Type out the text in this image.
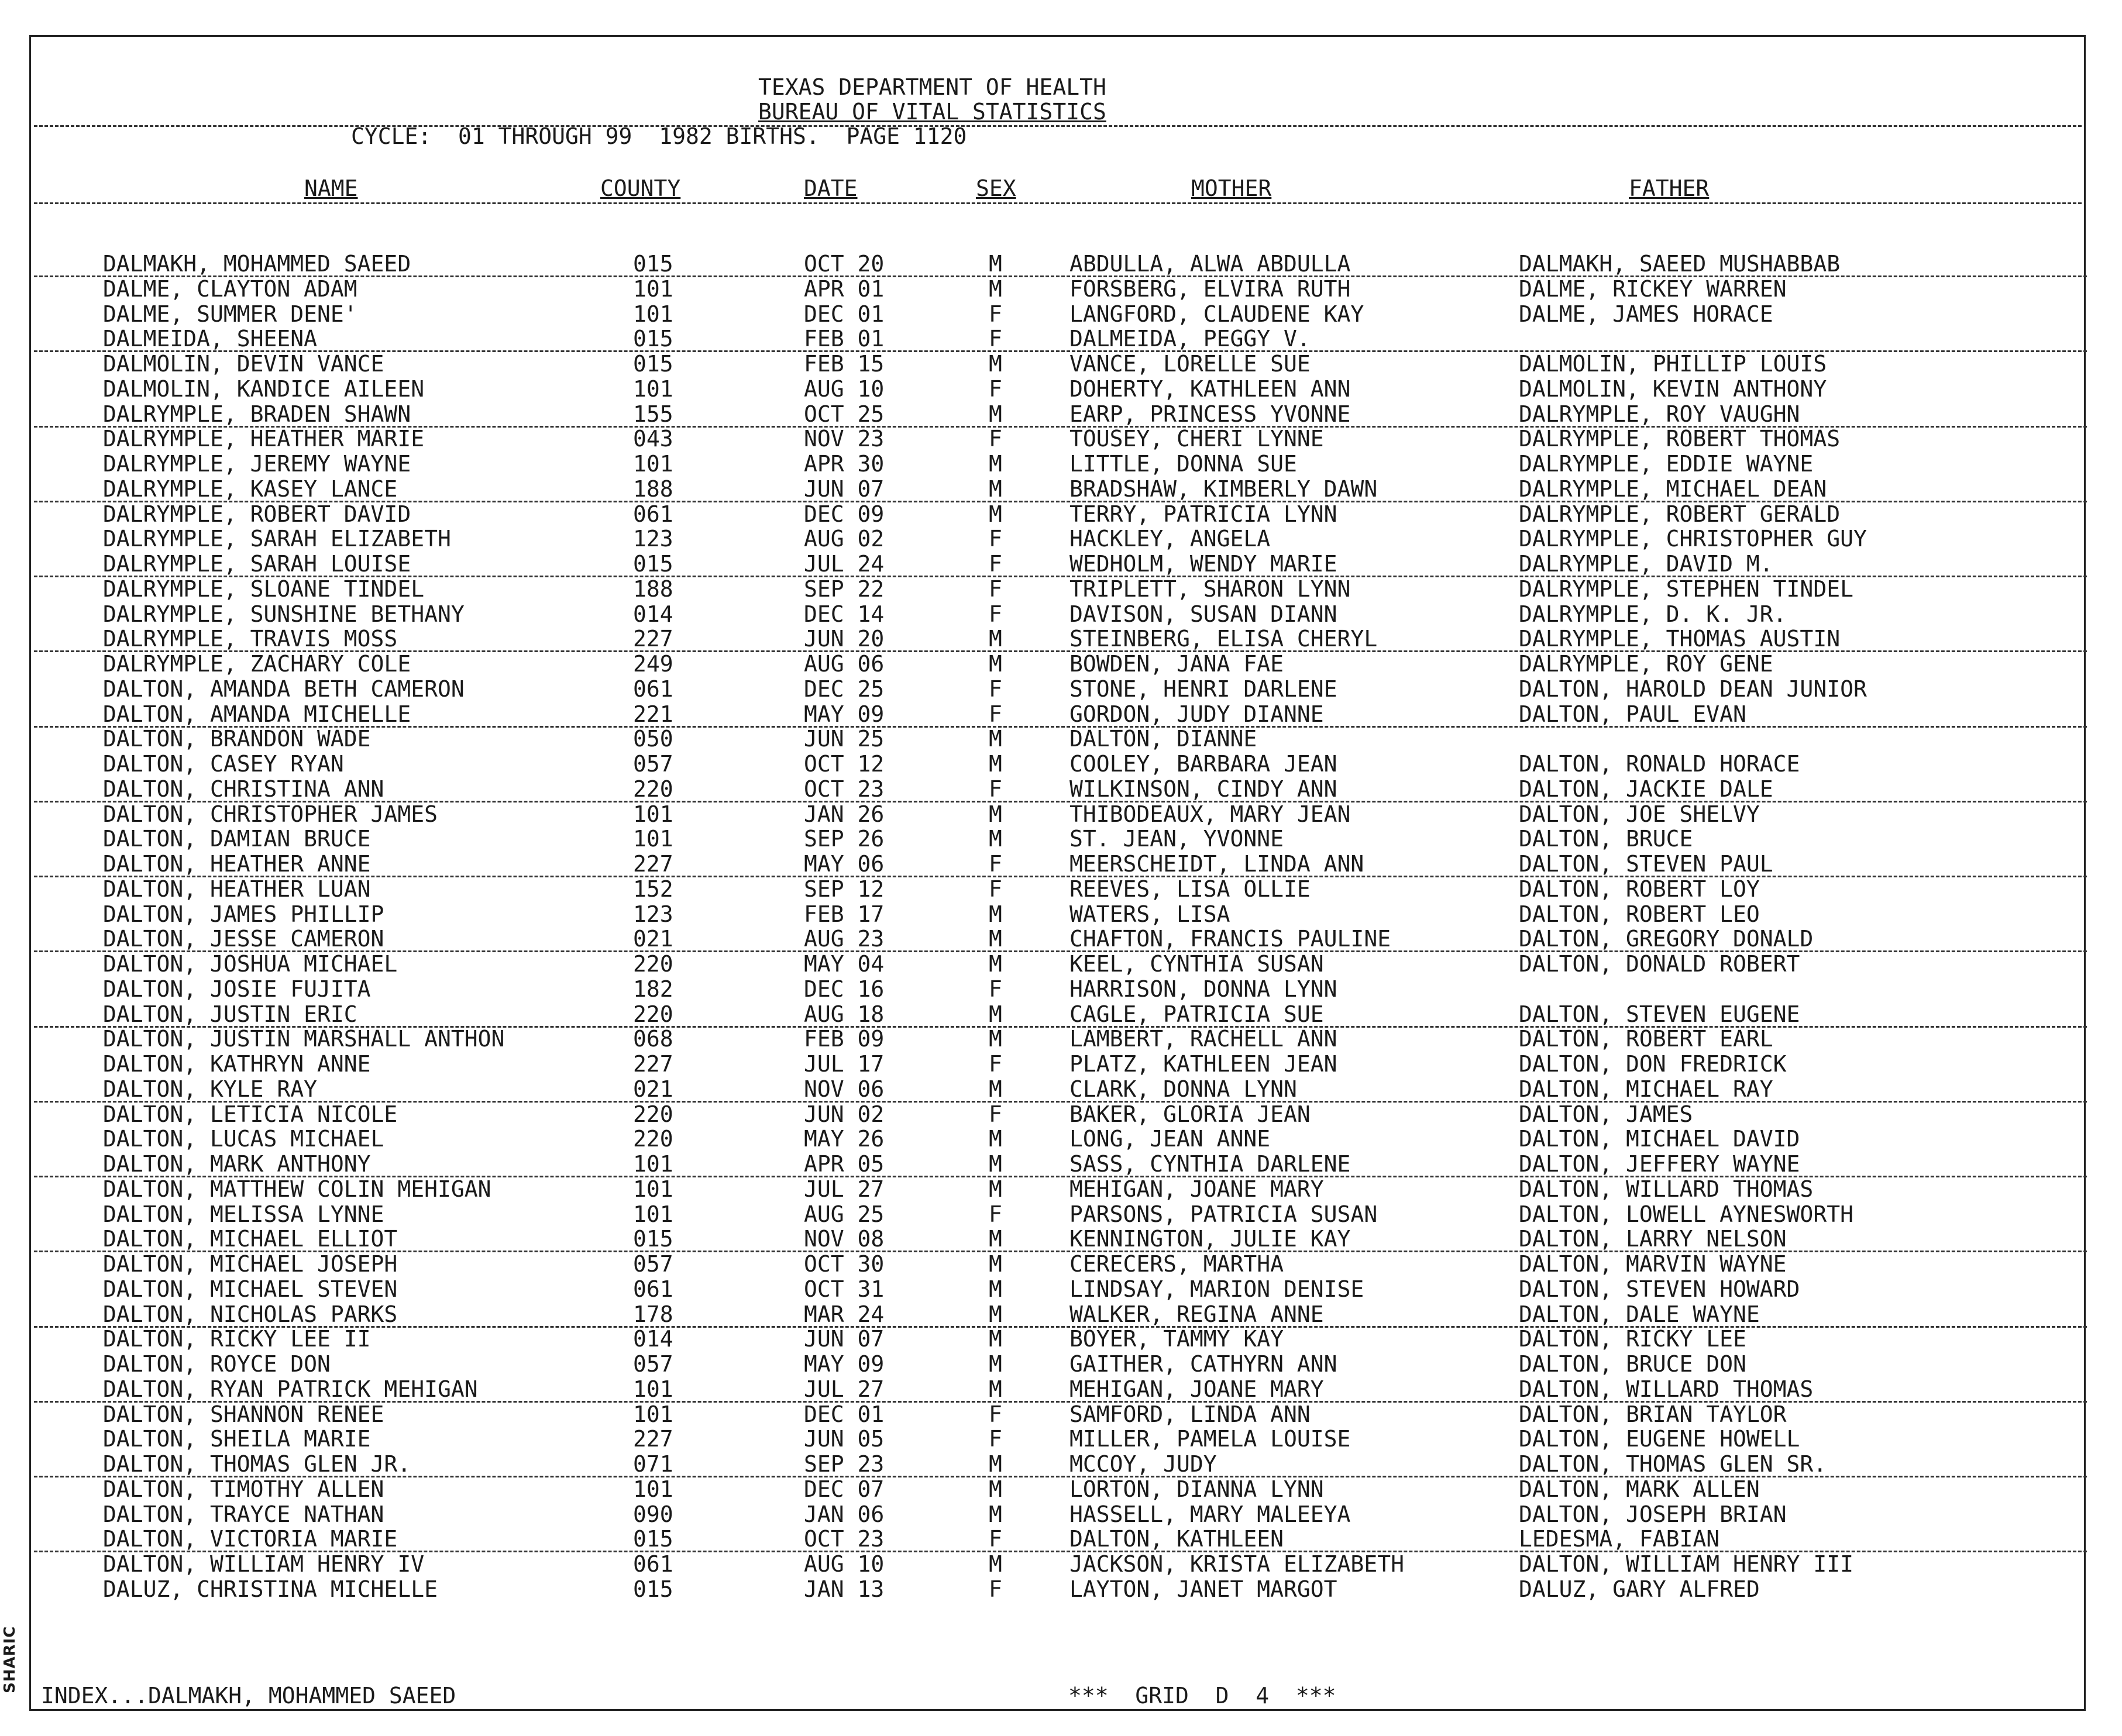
SHARIC
TEXAS DEPARTMENT OF HEALTH
BUREAU OF VITAL STATISTICS
CYCLE:  01 THROUGH 99  1982 BIRTHS.  PAGE 1120
NAME	COUNTY	DATE	SEX	MOTHER	FATHER
DALMAKH, MOHAMMED SAEED	015	OCT 20	M	ABDULLA, ALWA ABDULLA	DALMAKH, SAEED MUSHABBAB
DALME, CLAYTON ADAM	101	APR 01	M	FORSBERG, ELVIRA RUTH	DALME, RICKEY WARREN
DALME, SUMMER DENE'	101	DEC 01	F	LANGFORD, CLAUDENE KAY	DALME, JAMES HORACE
DALMEIDA, SHEENA	015	FEB 01	F	DALMEIDA, PEGGY V.
DALMOLIN, DEVIN VANCE	015	FEB 15	M	VANCE, LORELLE SUE	DALMOLIN, PHILLIP LOUIS
DALMOLIN, KANDICE AILEEN	101	AUG 10	F	DOHERTY, KATHLEEN ANN	DALMOLIN, KEVIN ANTHONY
DALRYMPLE, BRADEN SHAWN	155	OCT 25	M	EARP, PRINCESS YVONNE	DALRYMPLE, ROY VAUGHN
DALRYMPLE, HEATHER MARIE	043	NOV 23	F	TOUSEY, CHERI LYNNE	DALRYMPLE, ROBERT THOMAS
DALRYMPLE, JEREMY WAYNE	101	APR 30	M	LITTLE, DONNA SUE	DALRYMPLE, EDDIE WAYNE
DALRYMPLE, KASEY LANCE	188	JUN 07	M	BRADSHAW, KIMBERLY DAWN	DALRYMPLE, MICHAEL DEAN
DALRYMPLE, ROBERT DAVID	061	DEC 09	M	TERRY, PATRICIA LYNN	DALRYMPLE, ROBERT GERALD
DALRYMPLE, SARAH ELIZABETH	123	AUG 02	F	HACKLEY, ANGELA	DALRYMPLE, CHRISTOPHER GUY
DALRYMPLE, SARAH LOUISE	015	JUL 24	F	WEDHOLM, WENDY MARIE	DALRYMPLE, DAVID M.
DALRYMPLE, SLOANE TINDEL	188	SEP 22	F	TRIPLETT, SHARON LYNN	DALRYMPLE, STEPHEN TINDEL
DALRYMPLE, SUNSHINE BETHANY	014	DEC 14	F	DAVISON, SUSAN DIANN	DALRYMPLE, D. K. JR.
DALRYMPLE, TRAVIS MOSS	227	JUN 20	M	STEINBERG, ELISA CHERYL	DALRYMPLE, THOMAS AUSTIN
DALRYMPLE, ZACHARY COLE	249	AUG 06	M	BOWDEN, JANA FAE	DALRYMPLE, ROY GENE
DALTON, AMANDA BETH CAMERON	061	DEC 25	F	STONE, HENRI DARLENE	DALTON, HAROLD DEAN JUNIOR
DALTON, AMANDA MICHELLE	221	MAY 09	F	GORDON, JUDY DIANNE	DALTON, PAUL EVAN
DALTON, BRANDON WADE	050	JUN 25	M	DALTON, DIANNE
DALTON, CASEY RYAN	057	OCT 12	M	COOLEY, BARBARA JEAN	DALTON, RONALD HORACE
DALTON, CHRISTINA ANN	220	OCT 23	F	WILKINSON, CINDY ANN	DALTON, JACKIE DALE
DALTON, CHRISTOPHER JAMES	101	JAN 26	M	THIBODEAUX, MARY JEAN	DALTON, JOE SHELVY
DALTON, DAMIAN BRUCE	101	SEP 26	M	ST. JEAN, YVONNE	DALTON, BRUCE
DALTON, HEATHER ANNE	227	MAY 06	F	MEERSCHEIDT, LINDA ANN	DALTON, STEVEN PAUL
DALTON, HEATHER LUAN	152	SEP 12	F	REEVES, LISA OLLIE	DALTON, ROBERT LOY
DALTON, JAMES PHILLIP	123	FEB 17	M	WATERS, LISA	DALTON, ROBERT LEO
DALTON, JESSE CAMERON	021	AUG 23	M	CHAFTON, FRANCIS PAULINE	DALTON, GREGORY DONALD
DALTON, JOSHUA MICHAEL	220	MAY 04	M	KEEL, CYNTHIA SUSAN	DALTON, DONALD ROBERT
DALTON, JOSIE FUJITA	182	DEC 16	F	HARRISON, DONNA LYNN
DALTON, JUSTIN ERIC	220	AUG 18	M	CAGLE, PATRICIA SUE	DALTON, STEVEN EUGENE
DALTON, JUSTIN MARSHALL ANTHON	068	FEB 09	M	LAMBERT, RACHELL ANN	DALTON, ROBERT EARL
DALTON, KATHRYN ANNE	227	JUL 17	F	PLATZ, KATHLEEN JEAN	DALTON, DON FREDRICK
DALTON, KYLE RAY	021	NOV 06	M	CLARK, DONNA LYNN	DALTON, MICHAEL RAY
DALTON, LETICIA NICOLE	220	JUN 02	F	BAKER, GLORIA JEAN	DALTON, JAMES
DALTON, LUCAS MICHAEL	220	MAY 26	M	LONG, JEAN ANNE	DALTON, MICHAEL DAVID
DALTON, MARK ANTHONY	101	APR 05	M	SASS, CYNTHIA DARLENE	DALTON, JEFFERY WAYNE
DALTON, MATTHEW COLIN MEHIGAN	101	JUL 27	M	MEHIGAN, JOANE MARY	DALTON, WILLARD THOMAS
DALTON, MELISSA LYNNE	101	AUG 25	F	PARSONS, PATRICIA SUSAN	DALTON, LOWELL AYNESWORTH
DALTON, MICHAEL ELLIOT	015	NOV 08	M	KENNINGTON, JULIE KAY	DALTON, LARRY NELSON
DALTON, MICHAEL JOSEPH	057	OCT 30	M	CERECERS, MARTHA	DALTON, MARVIN WAYNE
DALTON, MICHAEL STEVEN	061	OCT 31	M	LINDSAY, MARION DENISE	DALTON, STEVEN HOWARD
DALTON, NICHOLAS PARKS	178	MAR 24	M	WALKER, REGINA ANNE	DALTON, DALE WAYNE
DALTON, RICKY LEE II	014	JUN 07	M	BOYER, TAMMY KAY	DALTON, RICKY LEE
DALTON, ROYCE DON	057	MAY 09	M	GAITHER, CATHYRN ANN	DALTON, BRUCE DON
DALTON, RYAN PATRICK MEHIGAN	101	JUL 27	M	MEHIGAN, JOANE MARY	DALTON, WILLARD THOMAS
DALTON, SHANNON RENEE	101	DEC 01	F	SAMFORD, LINDA ANN	DALTON, BRIAN TAYLOR
DALTON, SHEILA MARIE	227	JUN 05	F	MILLER, PAMELA LOUISE	DALTON, EUGENE HOWELL
DALTON, THOMAS GLEN JR.	071	SEP 23	M	MCCOY, JUDY	DALTON, THOMAS GLEN SR.
DALTON, TIMOTHY ALLEN	101	DEC 07	M	LORTON, DIANNA LYNN	DALTON, MARK ALLEN
DALTON, TRAYCE NATHAN	090	JAN 06	M	HASSELL, MARY MALEEYA	DALTON, JOSEPH BRIAN
DALTON, VICTORIA MARIE	015	OCT 23	F	DALTON, KATHLEEN	LEDESMA, FABIAN
DALTON, WILLIAM HENRY IV	061	AUG 10	M	JACKSON, KRISTA ELIZABETH	DALTON, WILLIAM HENRY III
DALUZ, CHRISTINA MICHELLE	015	JAN 13	F	LAYTON, JANET MARGOT	DALUZ, GARY ALFRED
INDEX...DALMAKH, MOHAMMED SAEED	***  GRID  D  4  ***
